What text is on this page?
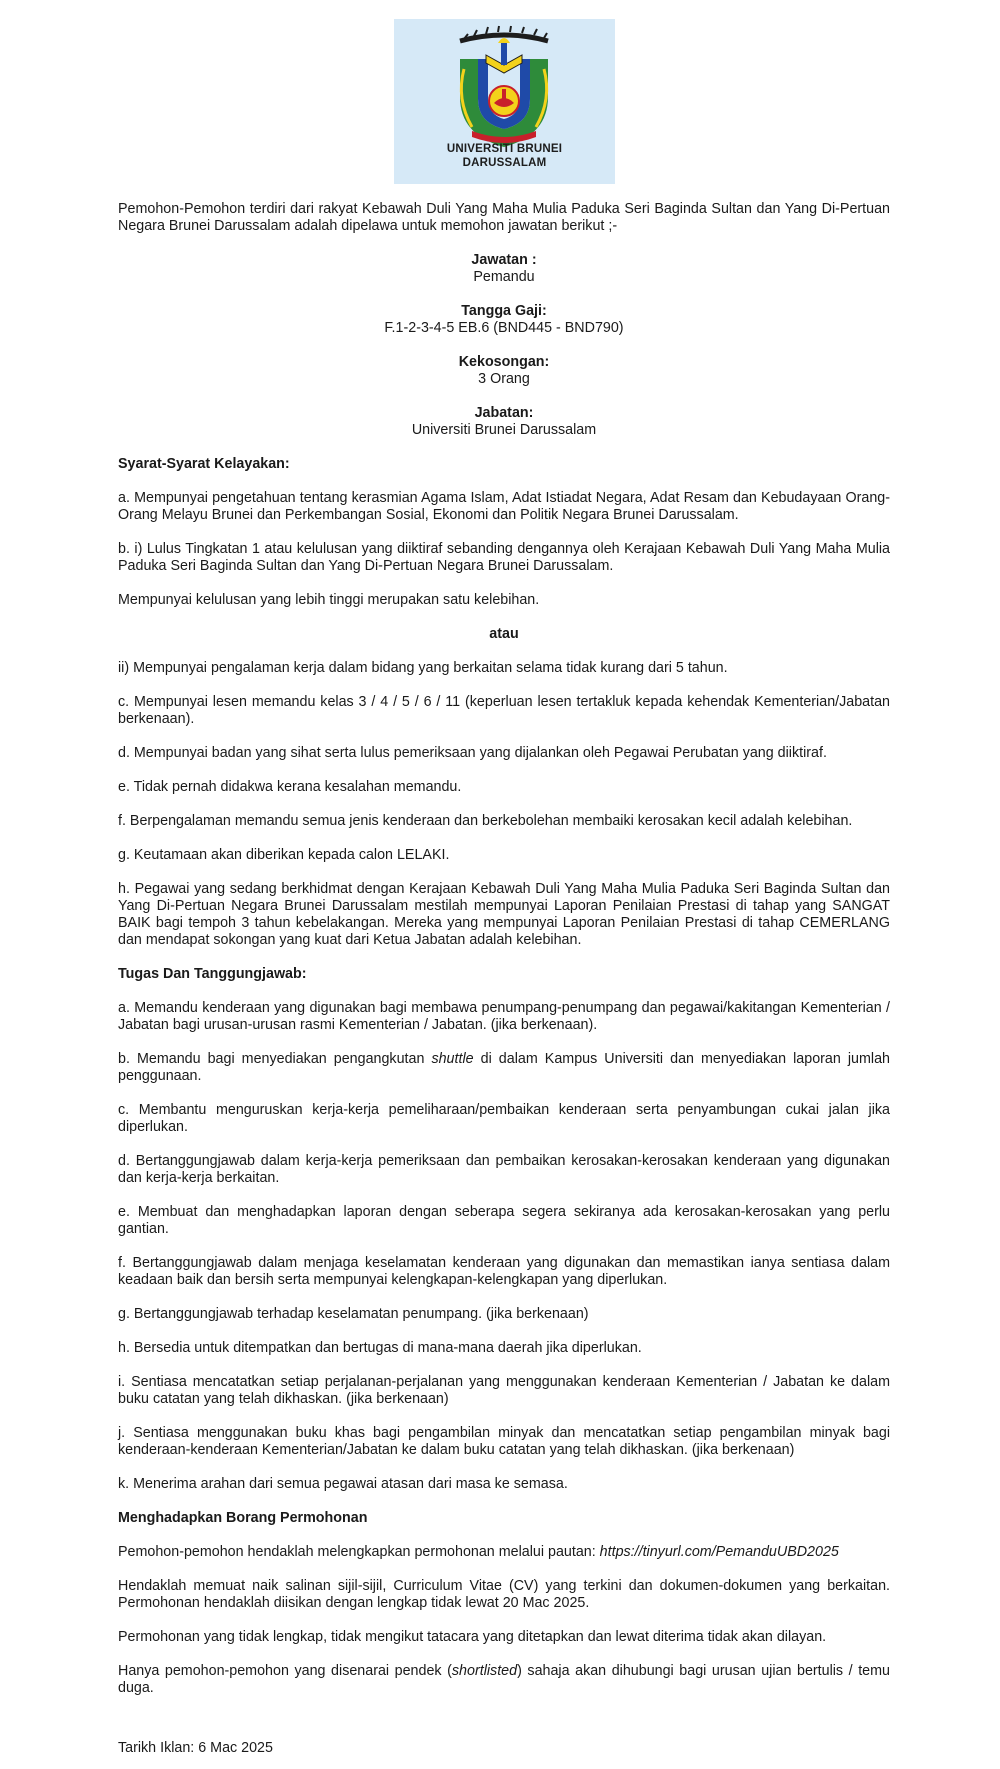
UNIVERSITI BRUNEI
DARUSSALAM

Pemohon-Pemohon terdiri dari rakyat Kebawah Duli Yang Maha Mulia Paduka Seri Baginda Sultan dan Yang Di-Pertuan Negara Brunei Darussalam adalah dipelawa untuk memohon jawatan berikut ;-

Jawatan :
Pemandu
Tangga Gaji:
F.1-2-3-4-5 EB.6 (BND445 - BND790)
Kekosongan:
3 Orang
Jabatan:
Universiti Brunei Darussalam
Syarat-Syarat Kelayakan:

a. Mempunyai pengetahuan tentang kerasmian Agama Islam, Adat Istiadat Negara, Adat Resam dan Kebudayaan Orang-Orang Melayu Brunei dan Perkembangan Sosial, Ekonomi dan Politik Negara Brunei Darussalam.

b. i) Lulus Tingkatan 1 atau kelulusan yang diiktiraf sebanding dengannya oleh Kerajaan Kebawah Duli Yang Maha Mulia Paduka Seri Baginda Sultan dan Yang Di-Pertuan Negara Brunei Darussalam.

Mempunyai kelulusan yang lebih tinggi merupakan satu kelebihan.

atau

ii) Mempunyai pengalaman kerja dalam bidang yang berkaitan selama tidak kurang dari 5 tahun.

c. Mempunyai lesen memandu kelas 3 / 4 / 5 / 6 / 11 (keperluan lesen tertakluk kepada kehendak Kementerian/Jabatan berkenaan).

d. Mempunyai badan yang sihat serta lulus pemeriksaan yang dijalankan oleh Pegawai Perubatan yang diiktiraf.

e. Tidak pernah didakwa kerana kesalahan memandu.

f. Berpengalaman memandu semua jenis kenderaan dan berkebolehan membaiki kerosakan kecil adalah kelebihan.

g. Keutamaan akan diberikan kepada calon LELAKI.

h. Pegawai yang sedang berkhidmat dengan Kerajaan Kebawah Duli Yang Maha Mulia Paduka Seri Baginda Sultan dan Yang Di-Pertuan Negara Brunei Darussalam mestilah mempunyai Laporan Penilaian Prestasi di tahap yang SANGAT BAIK bagi tempoh 3 tahun kebelakangan. Mereka yang mempunyai Laporan Penilaian Prestasi di tahap CEMERLANG dan mendapat sokongan yang kuat dari Ketua Jabatan adalah kelebihan.

Tugas Dan Tanggungjawab:

a. Memandu kenderaan yang digunakan bagi membawa penumpang-penumpang dan pegawai/kakitangan Kementerian / Jabatan bagi urusan-urusan rasmi Kementerian / Jabatan. (jika berkenaan).

b. Memandu bagi menyediakan pengangkutan shuttle di dalam Kampus Universiti dan menyediakan laporan jumlah penggunaan.

c. Membantu menguruskan kerja-kerja pemeliharaan/pembaikan kenderaan serta penyambungan cukai jalan jika diperlukan.

d. Bertanggungjawab dalam kerja-kerja pemeriksaan dan pembaikan kerosakan-kerosakan kenderaan yang digunakan dan kerja-kerja berkaitan.

e. Membuat dan menghadapkan laporan dengan seberapa segera sekiranya ada kerosakan-kerosakan yang perlu gantian.

f. Bertanggungjawab dalam menjaga keselamatan kenderaan yang digunakan dan memastikan ianya sentiasa dalam keadaan baik dan bersih serta mempunyai kelengkapan-kelengkapan yang diperlukan.

g. Bertanggungjawab terhadap keselamatan penumpang. (jika berkenaan)

h. Bersedia untuk ditempatkan dan bertugas di mana-mana daerah jika diperlukan.

i. Sentiasa mencatatkan setiap perjalanan-perjalanan yang menggunakan kenderaan Kementerian / Jabatan ke dalam buku catatan yang telah dikhaskan. (jika berkenaan)

j. Sentiasa menggunakan buku khas bagi pengambilan minyak dan mencatatkan setiap pengambilan minyak bagi kenderaan-kenderaan Kementerian/Jabatan ke dalam buku catatan yang telah dikhaskan. (jika berkenaan)

k. Menerima arahan dari semua pegawai atasan dari masa ke semasa.

Menghadapkan Borang Permohonan

Pemohon-pemohon hendaklah melengkapkan permohonan melalui pautan: https://tinyurl.com/PemanduUBD2025

Hendaklah memuat naik salinan sijil-sijil, Curriculum Vitae (CV) yang terkini dan dokumen-dokumen yang berkaitan. Permohonan hendaklah diisikan dengan lengkap tidak lewat 20 Mac 2025.

Permohonan yang tidak lengkap, tidak mengikut tatacara yang ditetapkan dan lewat diterima tidak akan dilayan.

Hanya pemohon-pemohon yang disenarai pendek (shortlisted) sahaja akan dihubungi bagi urusan ujian bertulis / temu duga.

Tarikh Iklan: 6 Mac 2025
